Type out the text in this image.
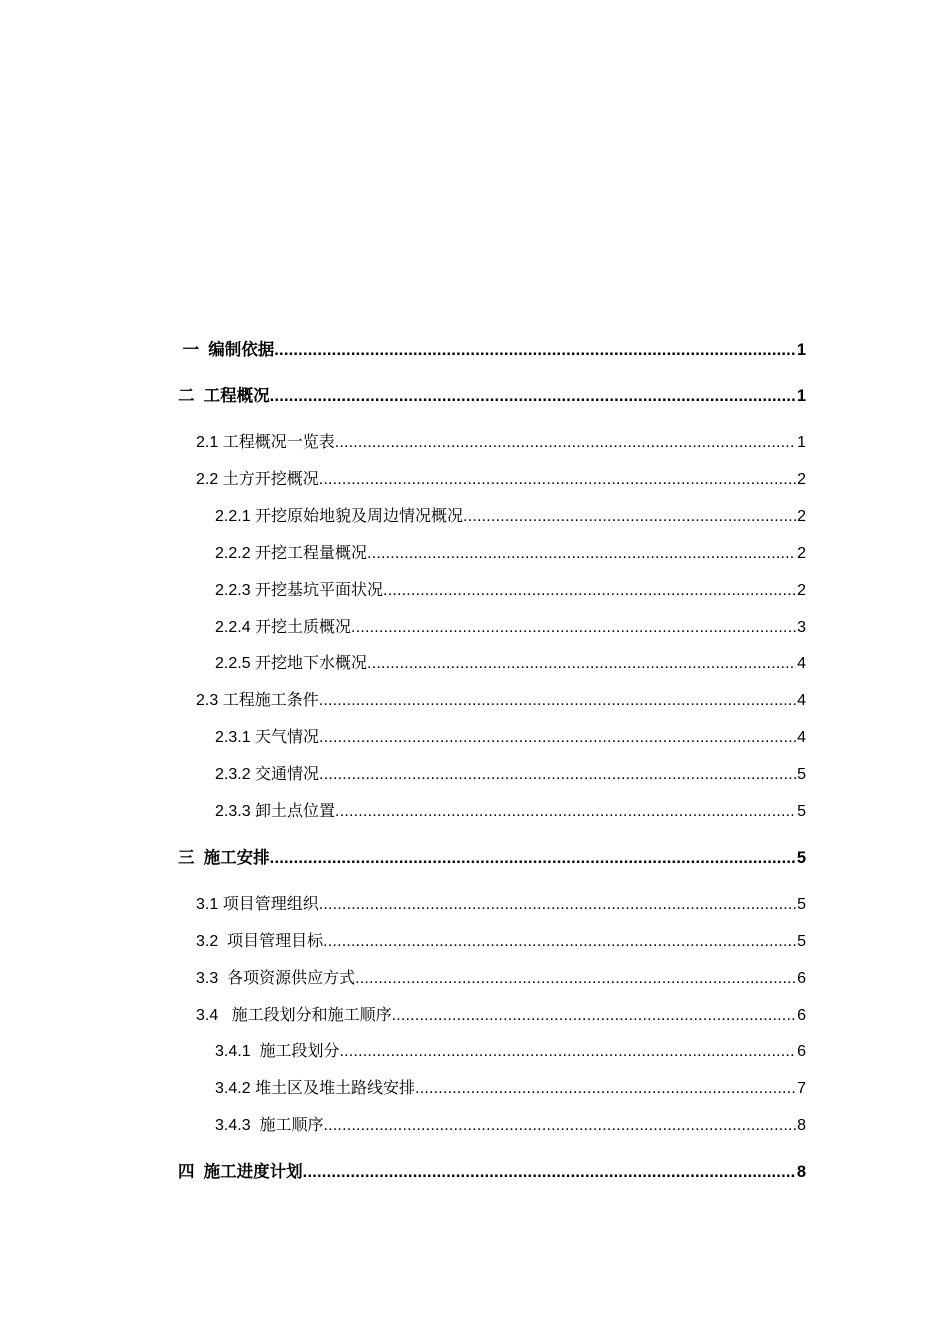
一  编制依据 .....	1
二  工程概况 .....	1
2.1 工程概况一览表 .....	1
2.2 土方开挖概况 .....	2
2.2.1 开挖原始地貌及周边情况概况 .....	2
2.2.2 开挖工程量概况 .....	2
2.2.3 开挖基坑平面状况 .....	2
2.2.4 开挖土质概况 .....	3
2.2.5 开挖地下水概况 .....	4
2.3 工程施工条件 .....	4
2.3.1 天气情况 .....	4
2.3.2 交通情况 .....	5
2.3.3 卸土点位置 .....	5
三  施工安排 .....	5
3.1 项目管理组织 .....	5
3.2  项目管理目标 .....	5
3.3  各项资源供应方式 .....	6
3.4   施工段划分和施工顺序 .....	6
3.4.1  施工段划分 .....	6
3.4.2 堆土区及堆土路线安排 .....	7
3.4.3  施工顺序 .....	8
四  施工进度计划 .....	8
